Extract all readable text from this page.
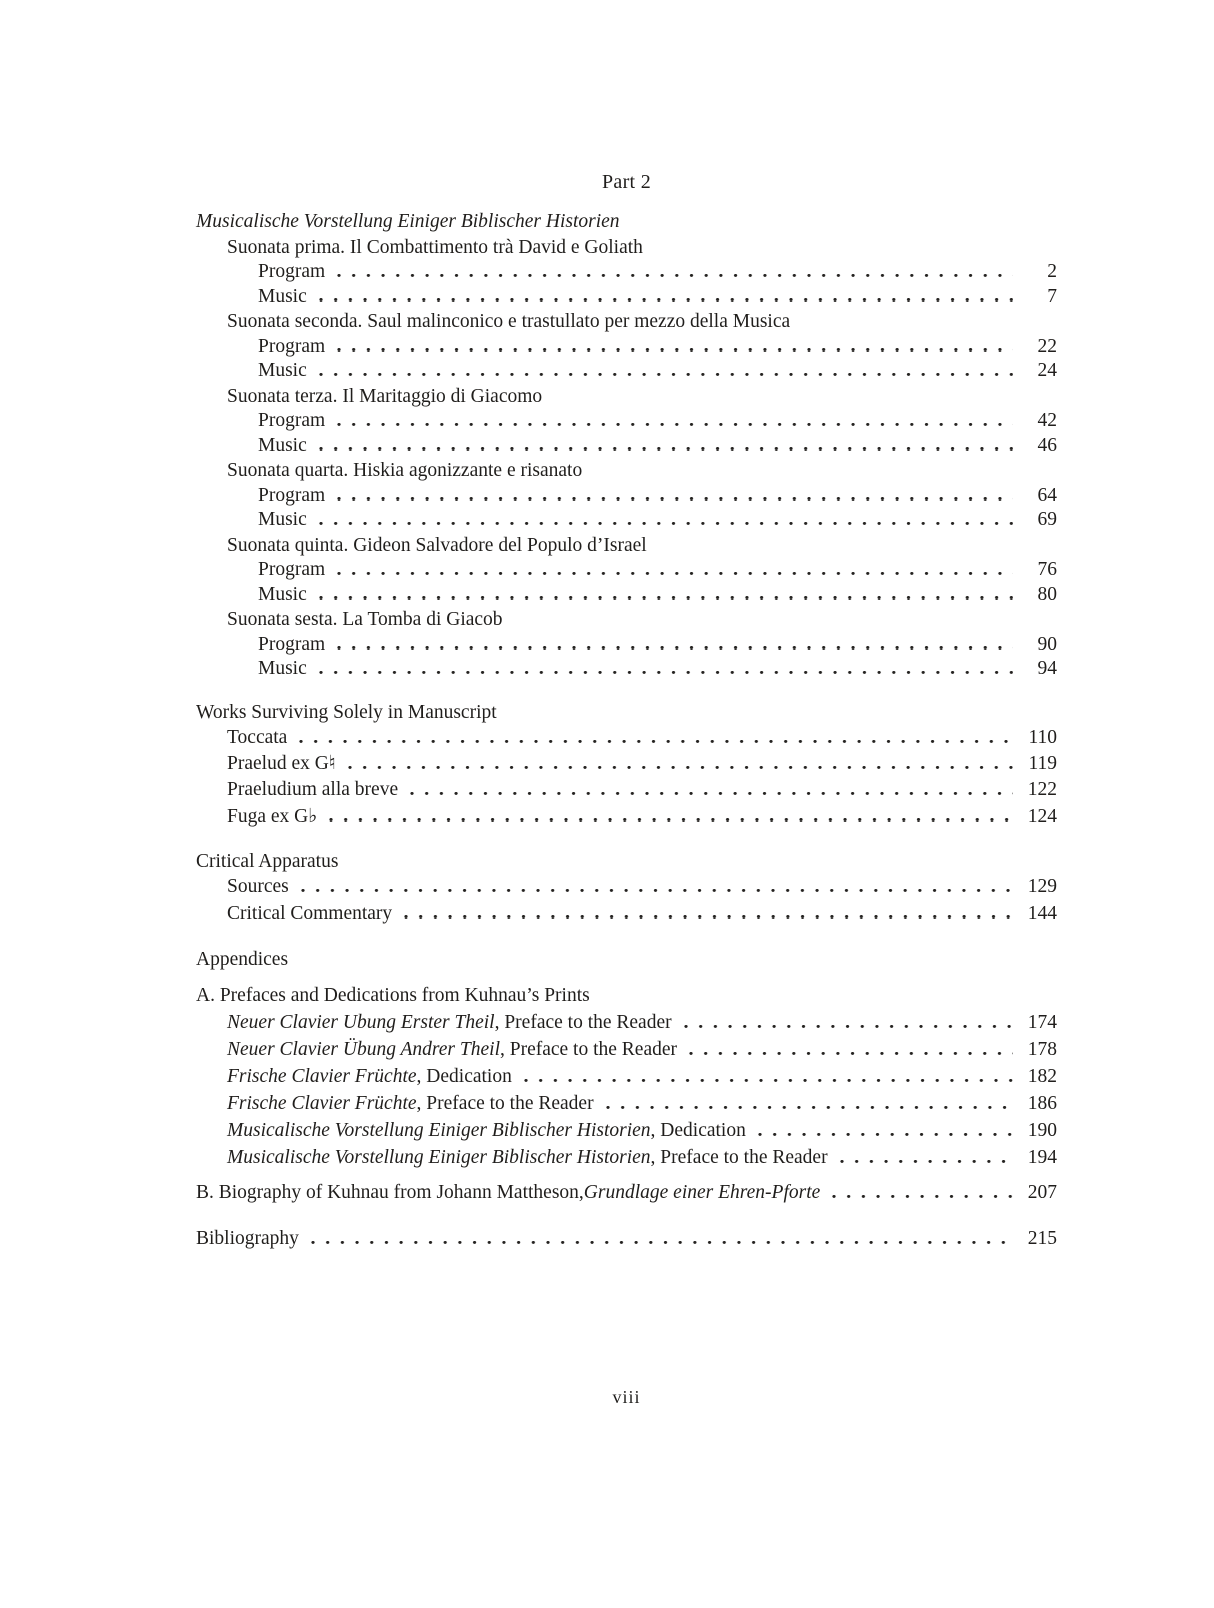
Part 2
Musicalische Vorstellung Einiger Biblischer Historien
Suonata prima. Il Combattimento trà David e Goliath
Program	2
Music	7
Suonata seconda. Saul malinconico e trastullato per mezzo della Musica
Program	22
Music	24
Suonata terza. Il Maritaggio di Giacomo
Program	42
Music	46
Suonata quarta. Hiskia agonizzante e risanato
Program	64
Music	69
Suonata quinta. Gideon Salvadore del Populo d’Israel
Program	76
Music	80
Suonata sesta. La Tomba di Giacob
Program	90
Music	94
Works Surviving Solely in Manuscript
Toccata	110
Praelud ex G♮	119
Praeludium alla breve	122
Fuga ex G♭	124
Critical Apparatus
Sources	129
Critical Commentary	144
Appendices
A. Prefaces and Dedications from Kuhnau’s Prints
Neuer Clavier Ubung Erster Theil , Preface to the Reader	174
Neuer Clavier Übung Andrer Theil , Preface to the Reader	178
Frische Clavier Früchte , Dedication	182
Frische Clavier Früchte , Preface to the Reader	186
Musicalische Vorstellung Einiger Biblischer Historien , Dedication	190
Musicalische Vorstellung Einiger Biblischer Historien , Preface to the Reader	194
B. Biography of Kuhnau from Johann Mattheson, Grundlage einer Ehren-Pforte	207
Bibliography	215
viii
